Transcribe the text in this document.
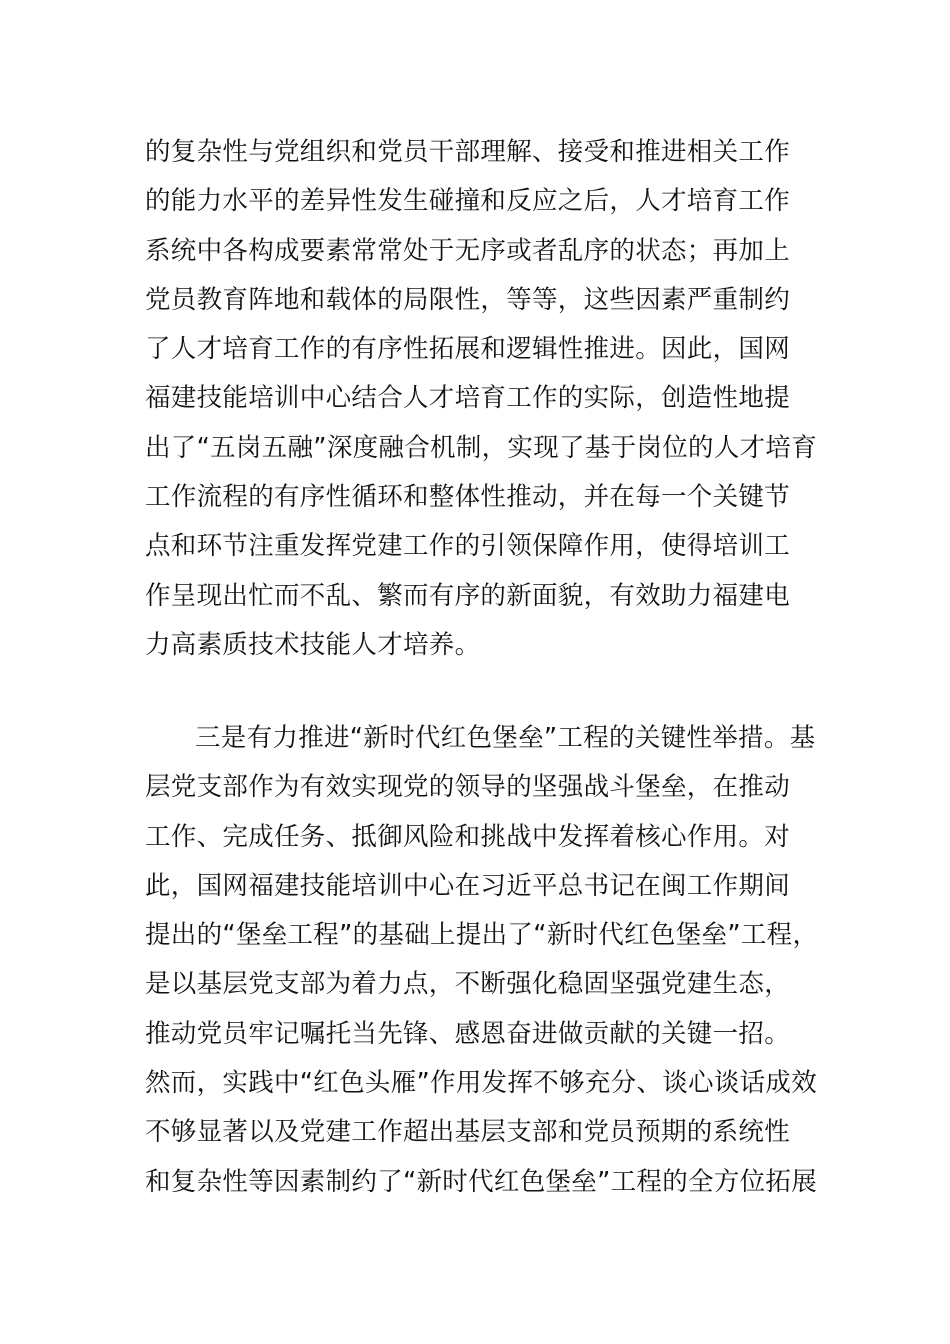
的复杂性与党组织和党员干部理解、接受和推进相关工作
的能力水平的差异性发生碰撞和反应之后，人才培育工作
系统中各构成要素常常处于无序或者乱序的状态；再加上
党员教育阵地和载体的局限性，等等，这些因素严重制约
了人才培育工作的有序性拓展和逻辑性推进。因此，国网
福建技能培训中心结合人才培育工作的实际，创造性地提
出了“五岗五融”深度融合机制，实现了基于岗位的人才培育
工作流程的有序性循环和整体性推动，并在每一个关键节
点和环节注重发挥党建工作的引领保障作用，使得培训工
作呈现出忙而不乱、繁而有序的新面貌，有效助力福建电
力高素质技术技能人才培养。
三是有力推进“新时代红色堡垒”工程的关键性举措。基
层党支部作为有效实现党的领导的坚强战斗堡垒，在推动
工作、完成任务、抵御风险和挑战中发挥着核心作用。对
此，国网福建技能培训中心在习近平总书记在闽工作期间
提出的“堡垒工程”的基础上提出了“新时代红色堡垒”工程，
是以基层党支部为着力点，不断强化稳固坚强党建生态，
推动党员牢记嘱托当先锋、感恩奋进做贡献的关键一招。
然而，实践中“红色头雁”作用发挥不够充分、谈心谈话成效
不够显著以及党建工作超出基层支部和党员预期的系统性
和复杂性等因素制约了“新时代红色堡垒”工程的全方位拓展
